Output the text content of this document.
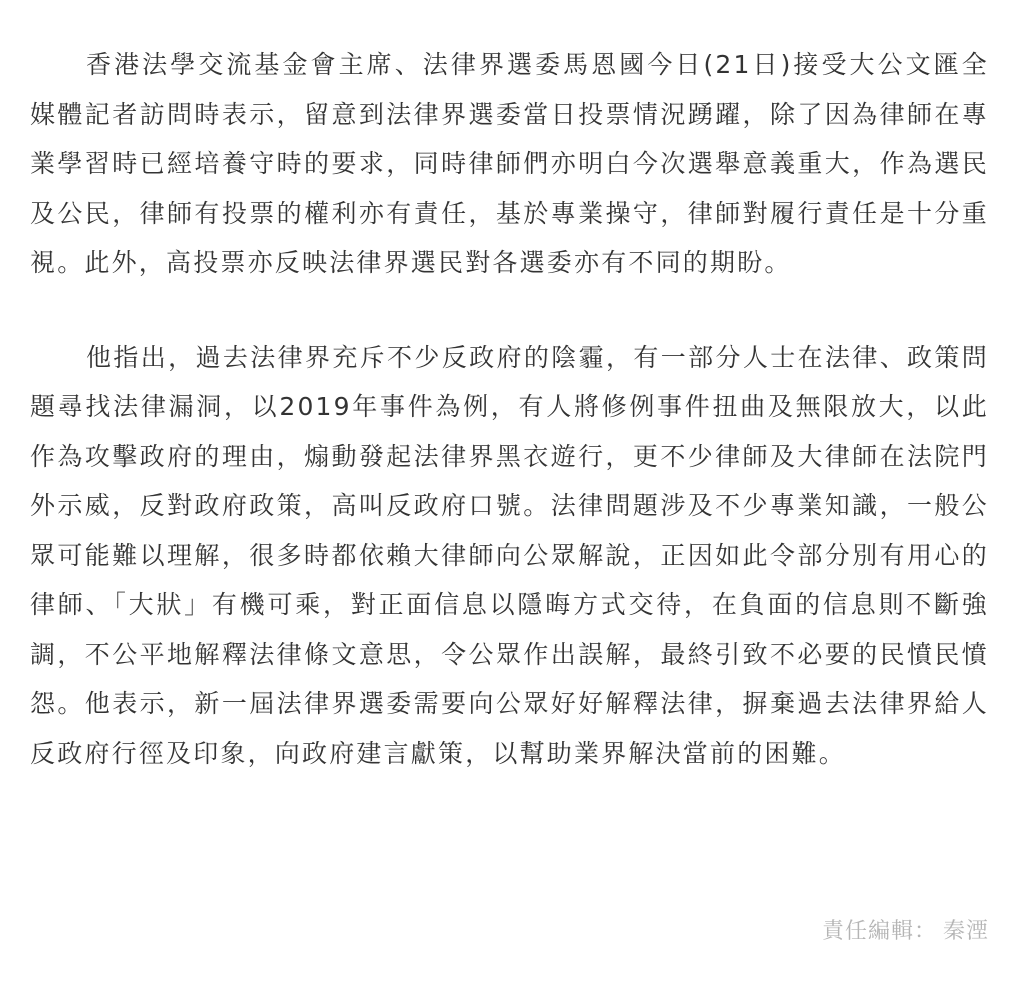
香港法學交流基金會主席、法律界選委馬恩國今日(21日)接受大公文匯全媒體記者訪問時表示，留意到法律界選委當日投票情況踴躍，除了因為律師在專業學習時已經培養守時的要求，同時律師們亦明白今次選舉意義重大，作為選民及公民，律師有投票的權利亦有責任，基於專業操守，律師對履行責任是十分重視。此外，高投票亦反映法律界選民對各選委亦有不同的期盼。

他指出，過去法律界充斥不少反政府的陰霾，有一部分人士在法律、政策問題尋找法律漏洞，以2019年事件為例，有人將修例事件扭曲及無限放大，以此作為攻擊政府的理由，煽動發起法律界黑衣遊行，更不少律師及大律師在法院門外示威，反對政府政策，高叫反政府口號。法律問題涉及不少專業知識，一般公眾可能難以理解，很多時都依賴大律師向公眾解說，正因如此令部分別有用心的律師、「大狀」有機可乘，對正面信息以隱晦方式交待，在負面的信息則不斷強調，不公平地解釋法律條文意思，令公眾作出誤解，最終引致不必要的民憤民憤怨。他表示，新一屆法律界選委需要向公眾好好解釋法律，摒棄過去法律界給人反政府行徑及印象，向政府建言獻策，以幫助業界解決當前的困難。

責任編輯： 秦湮
